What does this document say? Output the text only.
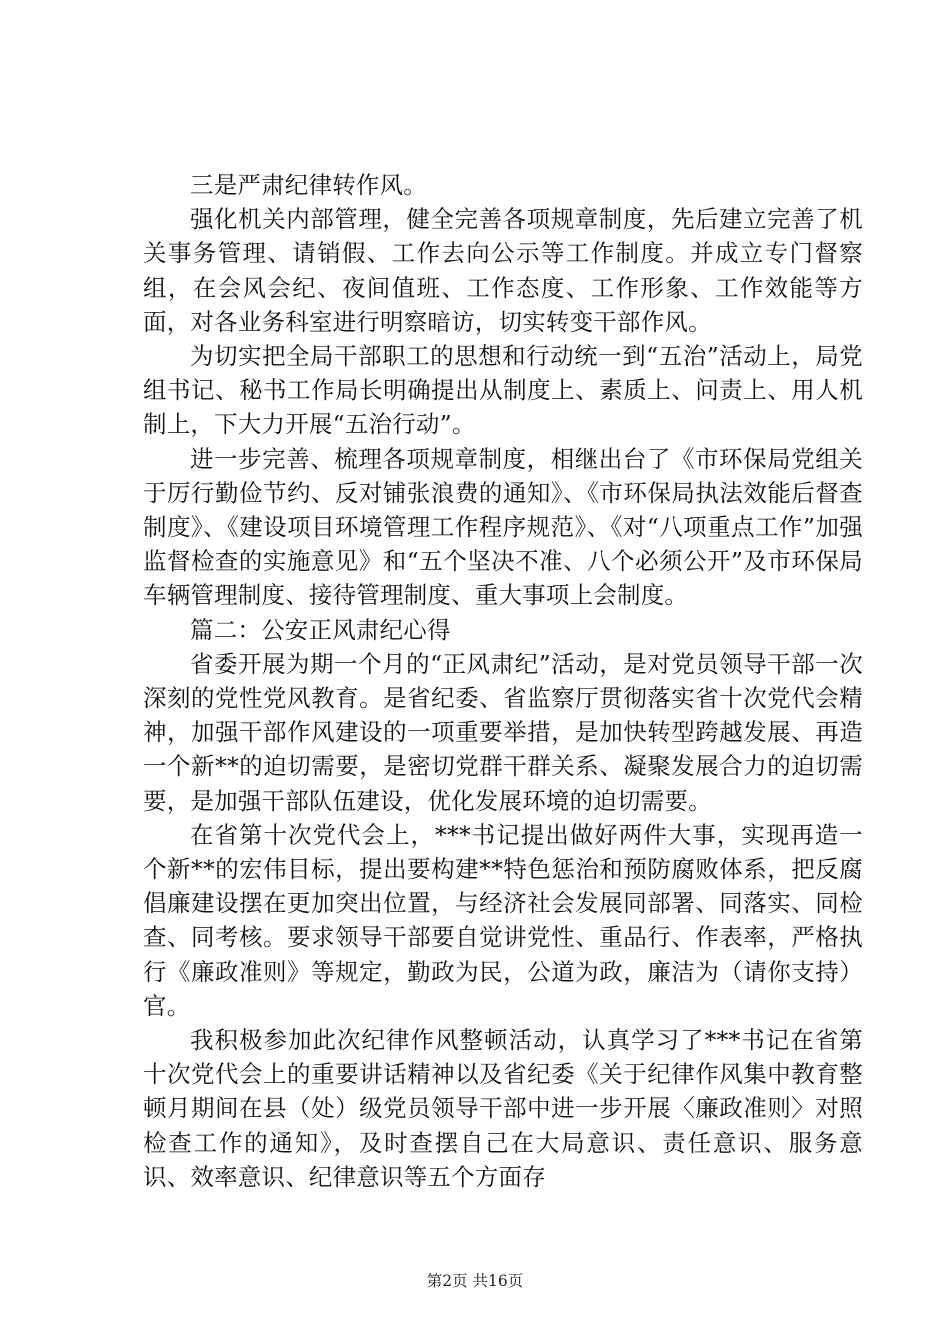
三是严肃纪律转作风。

强化机关内部管理，健全完善各项规章制度，先后建立完善了机关事务管理、请销假、工作去向公示等工作制度。并成立专门督察组，在会风会纪、夜间值班、工作态度、工作形象、工作效能等方面，对各业务科室进行明察暗访，切实转变干部作风。

为切实把全局干部职工的思想和行动统一到“五治”活动上，局党组书记、秘书工作局长明确提出从制度上、素质上、问责上、用人机制上，下大力开展“五治行动”。

进一步完善、梳理各项规章制度，相继出台了《市环保局党组关于厉行勤俭节约、反对铺张浪费的通知》、《市环保局执法效能后督查制度》、《建设项目环境管理工作程序规范》、《对“八项重点工作”加强监督检查的实施意见》和“五个坚决不准、八个必须公开”及市环保局车辆管理制度、接待管理制度、重大事项上会制度。

篇二：公安正风肃纪心得

省委开展为期一个月的“正风肃纪”活动，是对党员领导干部一次深刻的党性党风教育。是省纪委、省监察厅贯彻落实省十次党代会精神，加强干部作风建设的一项重要举措，是加快转型跨越发展、再造一个新**的迫切需要，是密切党群干群关系、凝聚发展合力的迫切需要，是加强干部队伍建设，优化发展环境的迫切需要。

在省第十次党代会上，***书记提出做好两件大事，实现再造一个新**的宏伟目标，提出要构建**特色惩治和预防腐败体系，把反腐倡廉建设摆在更加突出位置，与经济社会发展同部署、同落实、同检查、同考核。要求领导干部要自觉讲党性、重品行、作表率，严格执行《廉政准则》等规定，勤政为民，公道为政，廉洁为（请你支持）官。

我积极参加此次纪律作风整顿活动，认真学习了***书记在省第十次党代会上的重要讲话精神以及省纪委《关于纪律作风集中教育整顿月期间在县（处）级党员领导干部中进一步开展〈廉政准则〉对照检查工作的通知》，及时查摆自己在大局意识、责任意识、服务意识、效率意识、纪律意识等五个方面存

第2页 共16页
